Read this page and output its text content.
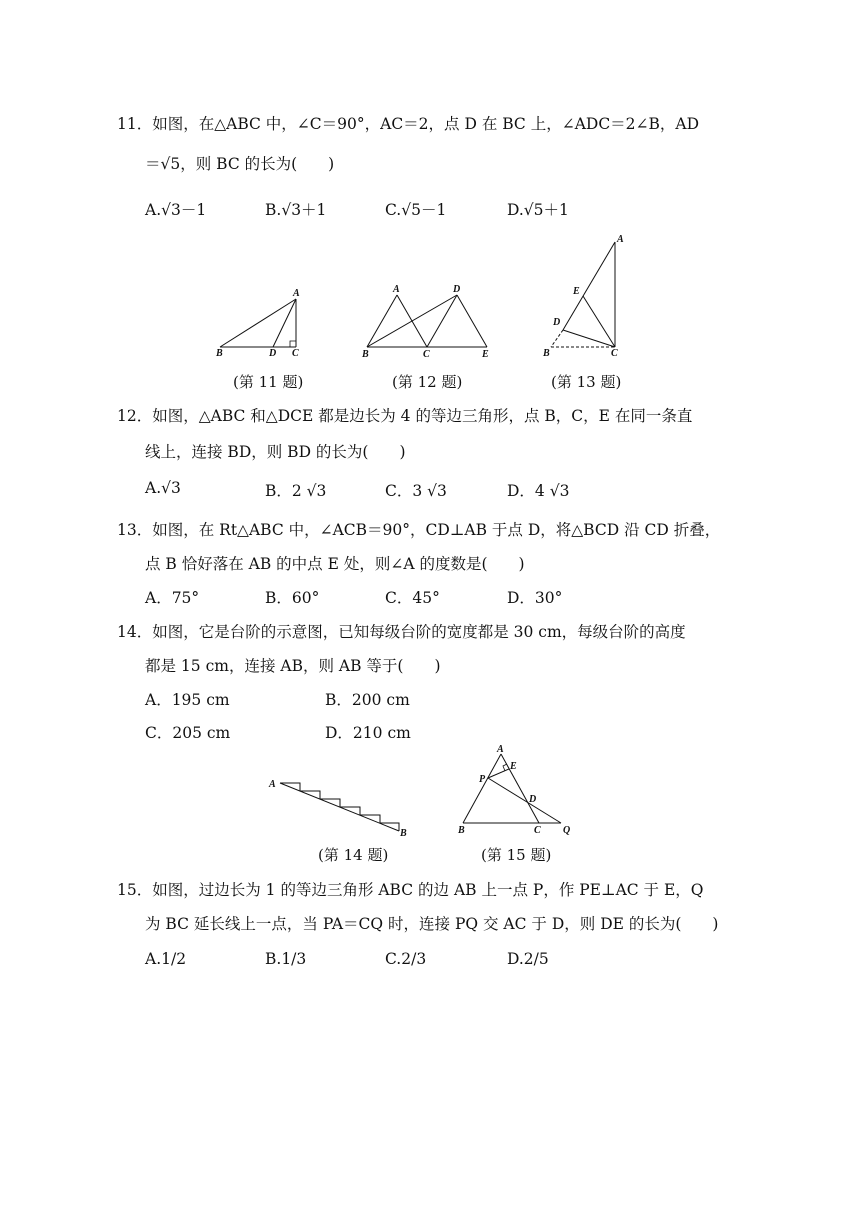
11．如图，在△ABC 中，∠C＝90°，AC＝2，点 D 在 BC 上，∠ADC＝2∠B，AD
＝√5，则 BC 的长为(　　)
A.√3－1	B.√3＋1	C.√5－1	D.√5＋1
A
B	D C
A	D
B	C	E
A
E
D
B	C
12．如图，△ABC 和△DCE 都是边长为 4 的等边三角形，点 B，C，E 在同一条直
线上，连接 BD，则 BD 的长为(　　)
A.√3	B．2 √3	C．3 √3	D．4 √3
13．如图，在 Rt△ABC 中，∠ACB＝90°，CD⊥AB 于点 D，将△BCD 沿 CD 折叠，
点 B 恰好落在 AB 的中点 E 处，则∠A 的度数是(　　)
A．75°	B．60°	C．45°	D．30°
14．如图，它是台阶的示意图，已知每级台阶的宽度都是 30 cm，每级台阶的高度
都是 15 cm，连接 AB，则 AB 等于(　　)
A．195 cm	B．200 cm
C．205 cm	D．210 cm
A
B
A
E
P
D
B	C Q
(第 11 题)	(第 12 题)	(第 13 题)
(第 14 题)	(第 15 题)
15．如图，过边长为 1 的等边三角形 ABC 的边 AB 上一点 P，作 PE⊥AC 于 E，Q
为 BC 延长线上一点，当 PA＝CQ 时，连接 PQ 交 AC 于 D，则 DE 的长为(　　)
A.1/2	B.1/3	C.2/3	D.2/5
